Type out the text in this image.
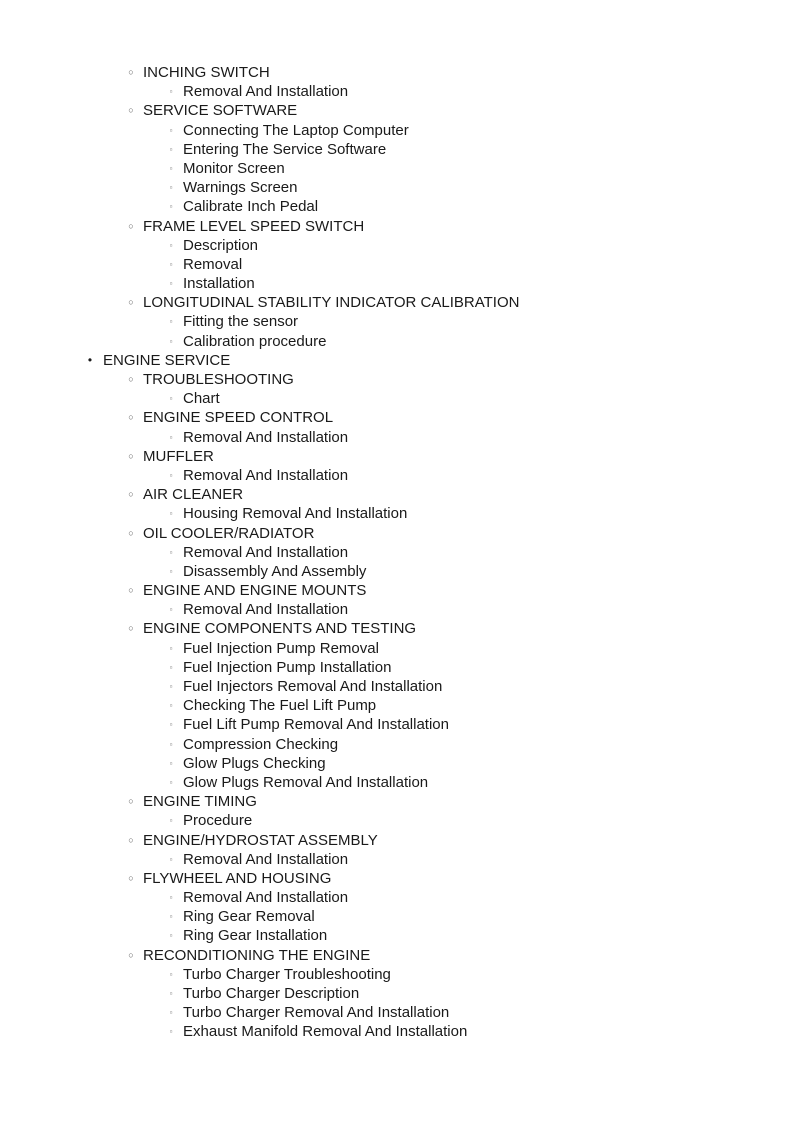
○ INCHING SWITCH
▫ Removal And Installation
○ SERVICE SOFTWARE
▫ Connecting The Laptop Computer
▫ Entering The Service Software
▫ Monitor Screen
▫ Warnings Screen
▫ Calibrate Inch Pedal
○ FRAME LEVEL SPEED SWITCH
▫ Description
▫ Removal
▫ Installation
○ LONGITUDINAL STABILITY INDICATOR CALIBRATION
▫ Fitting the sensor
▫ Calibration procedure
• ENGINE SERVICE
○ TROUBLESHOOTING
▫ Chart
○ ENGINE SPEED CONTROL
▫ Removal And Installation
○ MUFFLER
▫ Removal And Installation
○ AIR CLEANER
▫ Housing Removal And Installation
○ OIL COOLER/RADIATOR
▫ Removal And Installation
▫ Disassembly And Assembly
○ ENGINE AND ENGINE MOUNTS
▫ Removal And Installation
○ ENGINE COMPONENTS AND TESTING
▫ Fuel Injection Pump Removal
▫ Fuel Injection Pump Installation
▫ Fuel Injectors Removal And Installation
▫ Checking The Fuel Lift Pump
▫ Fuel Lift Pump Removal And Installation
▫ Compression Checking
▫ Glow Plugs Checking
▫ Glow Plugs Removal And Installation
○ ENGINE TIMING
▫ Procedure
○ ENGINE/HYDROSTAT ASSEMBLY
▫ Removal And Installation
○ FLYWHEEL AND HOUSING
▫ Removal And Installation
▫ Ring Gear Removal
▫ Ring Gear Installation
○ RECONDITIONING THE ENGINE
▫ Turbo Charger Troubleshooting
▫ Turbo Charger Description
▫ Turbo Charger Removal And Installation
▫ Exhaust Manifold Removal And Installation
